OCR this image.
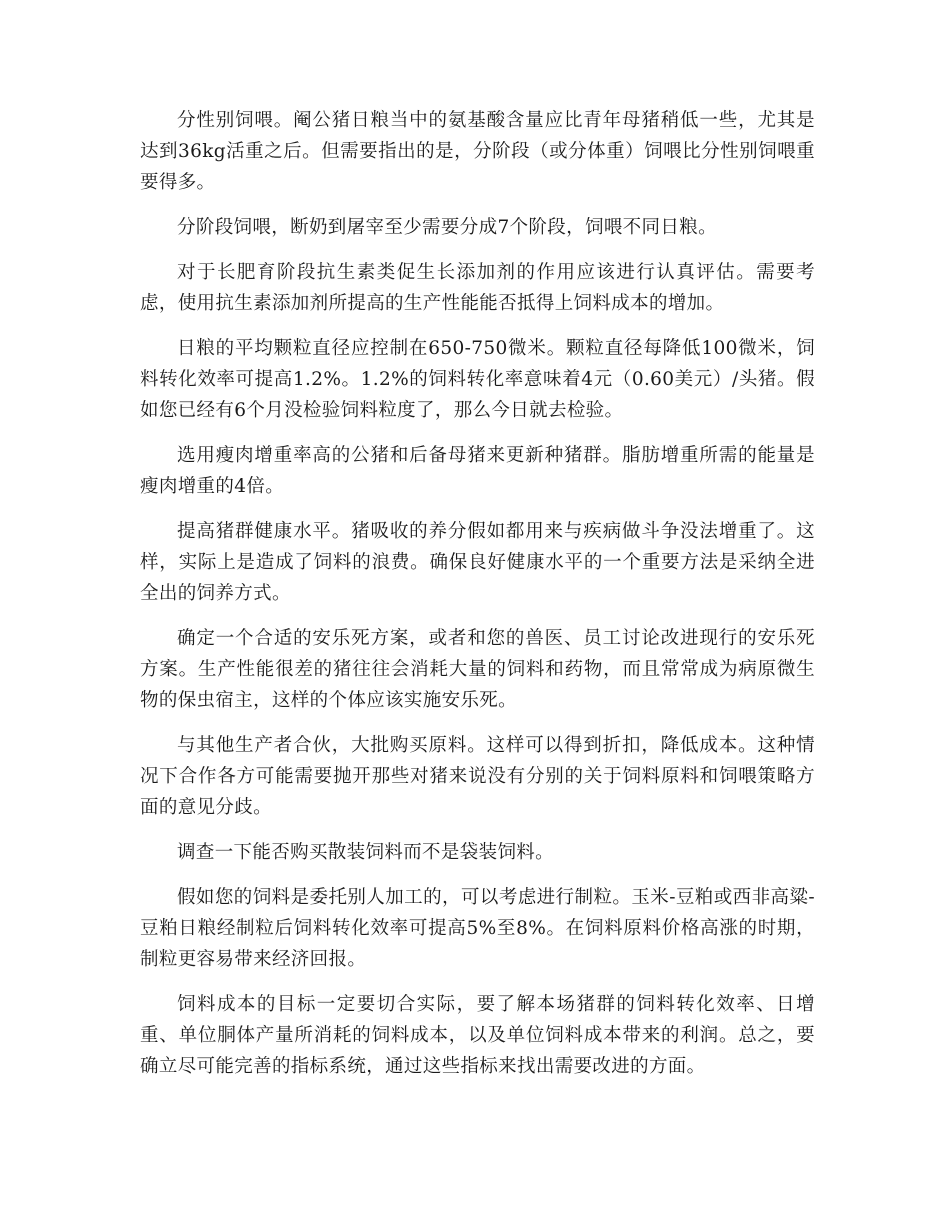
分性别饲喂。阉公猪日粮当中的氨基酸含量应比青年母猪稍低一些，尤其是达到36kg活重之后。但需要指出的是，分阶段（或分体重）饲喂比分性别饲喂重要得多。

分阶段饲喂，断奶到屠宰至少需要分成7个阶段，饲喂不同日粮。

对于长肥育阶段抗生素类促生长添加剂的作用应该进行认真评估。需要考虑，使用抗生素添加剂所提高的生产性能能否抵得上饲料成本的增加。

日粮的平均颗粒直径应控制在650-750微米。颗粒直径每降低100微米，饲料转化效率可提高1.2%。1.2%的饲料转化率意味着4元（0.60美元）/头猪。假如您已经有6个月没检验饲料粒度了，那么今日就去检验。

选用瘦肉增重率高的公猪和后备母猪来更新种猪群。脂肪增重所需的能量是瘦肉增重的4倍。

提高猪群健康水平。猪吸收的养分假如都用来与疾病做斗争没法增重了。这样，实际上是造成了饲料的浪费。确保良好健康水平的一个重要方法是采纳全进全出的饲养方式。

确定一个合适的安乐死方案，或者和您的兽医、员工讨论改进现行的安乐死方案。生产性能很差的猪往往会消耗大量的饲料和药物，而且常常成为病原微生物的保虫宿主，这样的个体应该实施安乐死。

与其他生产者合伙，大批购买原料。这样可以得到折扣，降低成本。这种情况下合作各方可能需要抛开那些对猪来说没有分别的关于饲料原料和饲喂策略方面的意见分歧。

调查一下能否购买散装饲料而不是袋装饲料。

假如您的饲料是委托别人加工的，可以考虑进行制粒。玉米-豆粕或西非高粱-豆粕日粮经制粒后饲料转化效率可提高5%至8%。在饲料原料价格高涨的时期，制粒更容易带来经济回报。

饲料成本的目标一定要切合实际，要了解本场猪群的饲料转化效率、日增重、单位胴体产量所消耗的饲料成本，以及单位饲料成本带来的利润。总之，要确立尽可能完善的指标系统，通过这些指标来找出需要改进的方面。
